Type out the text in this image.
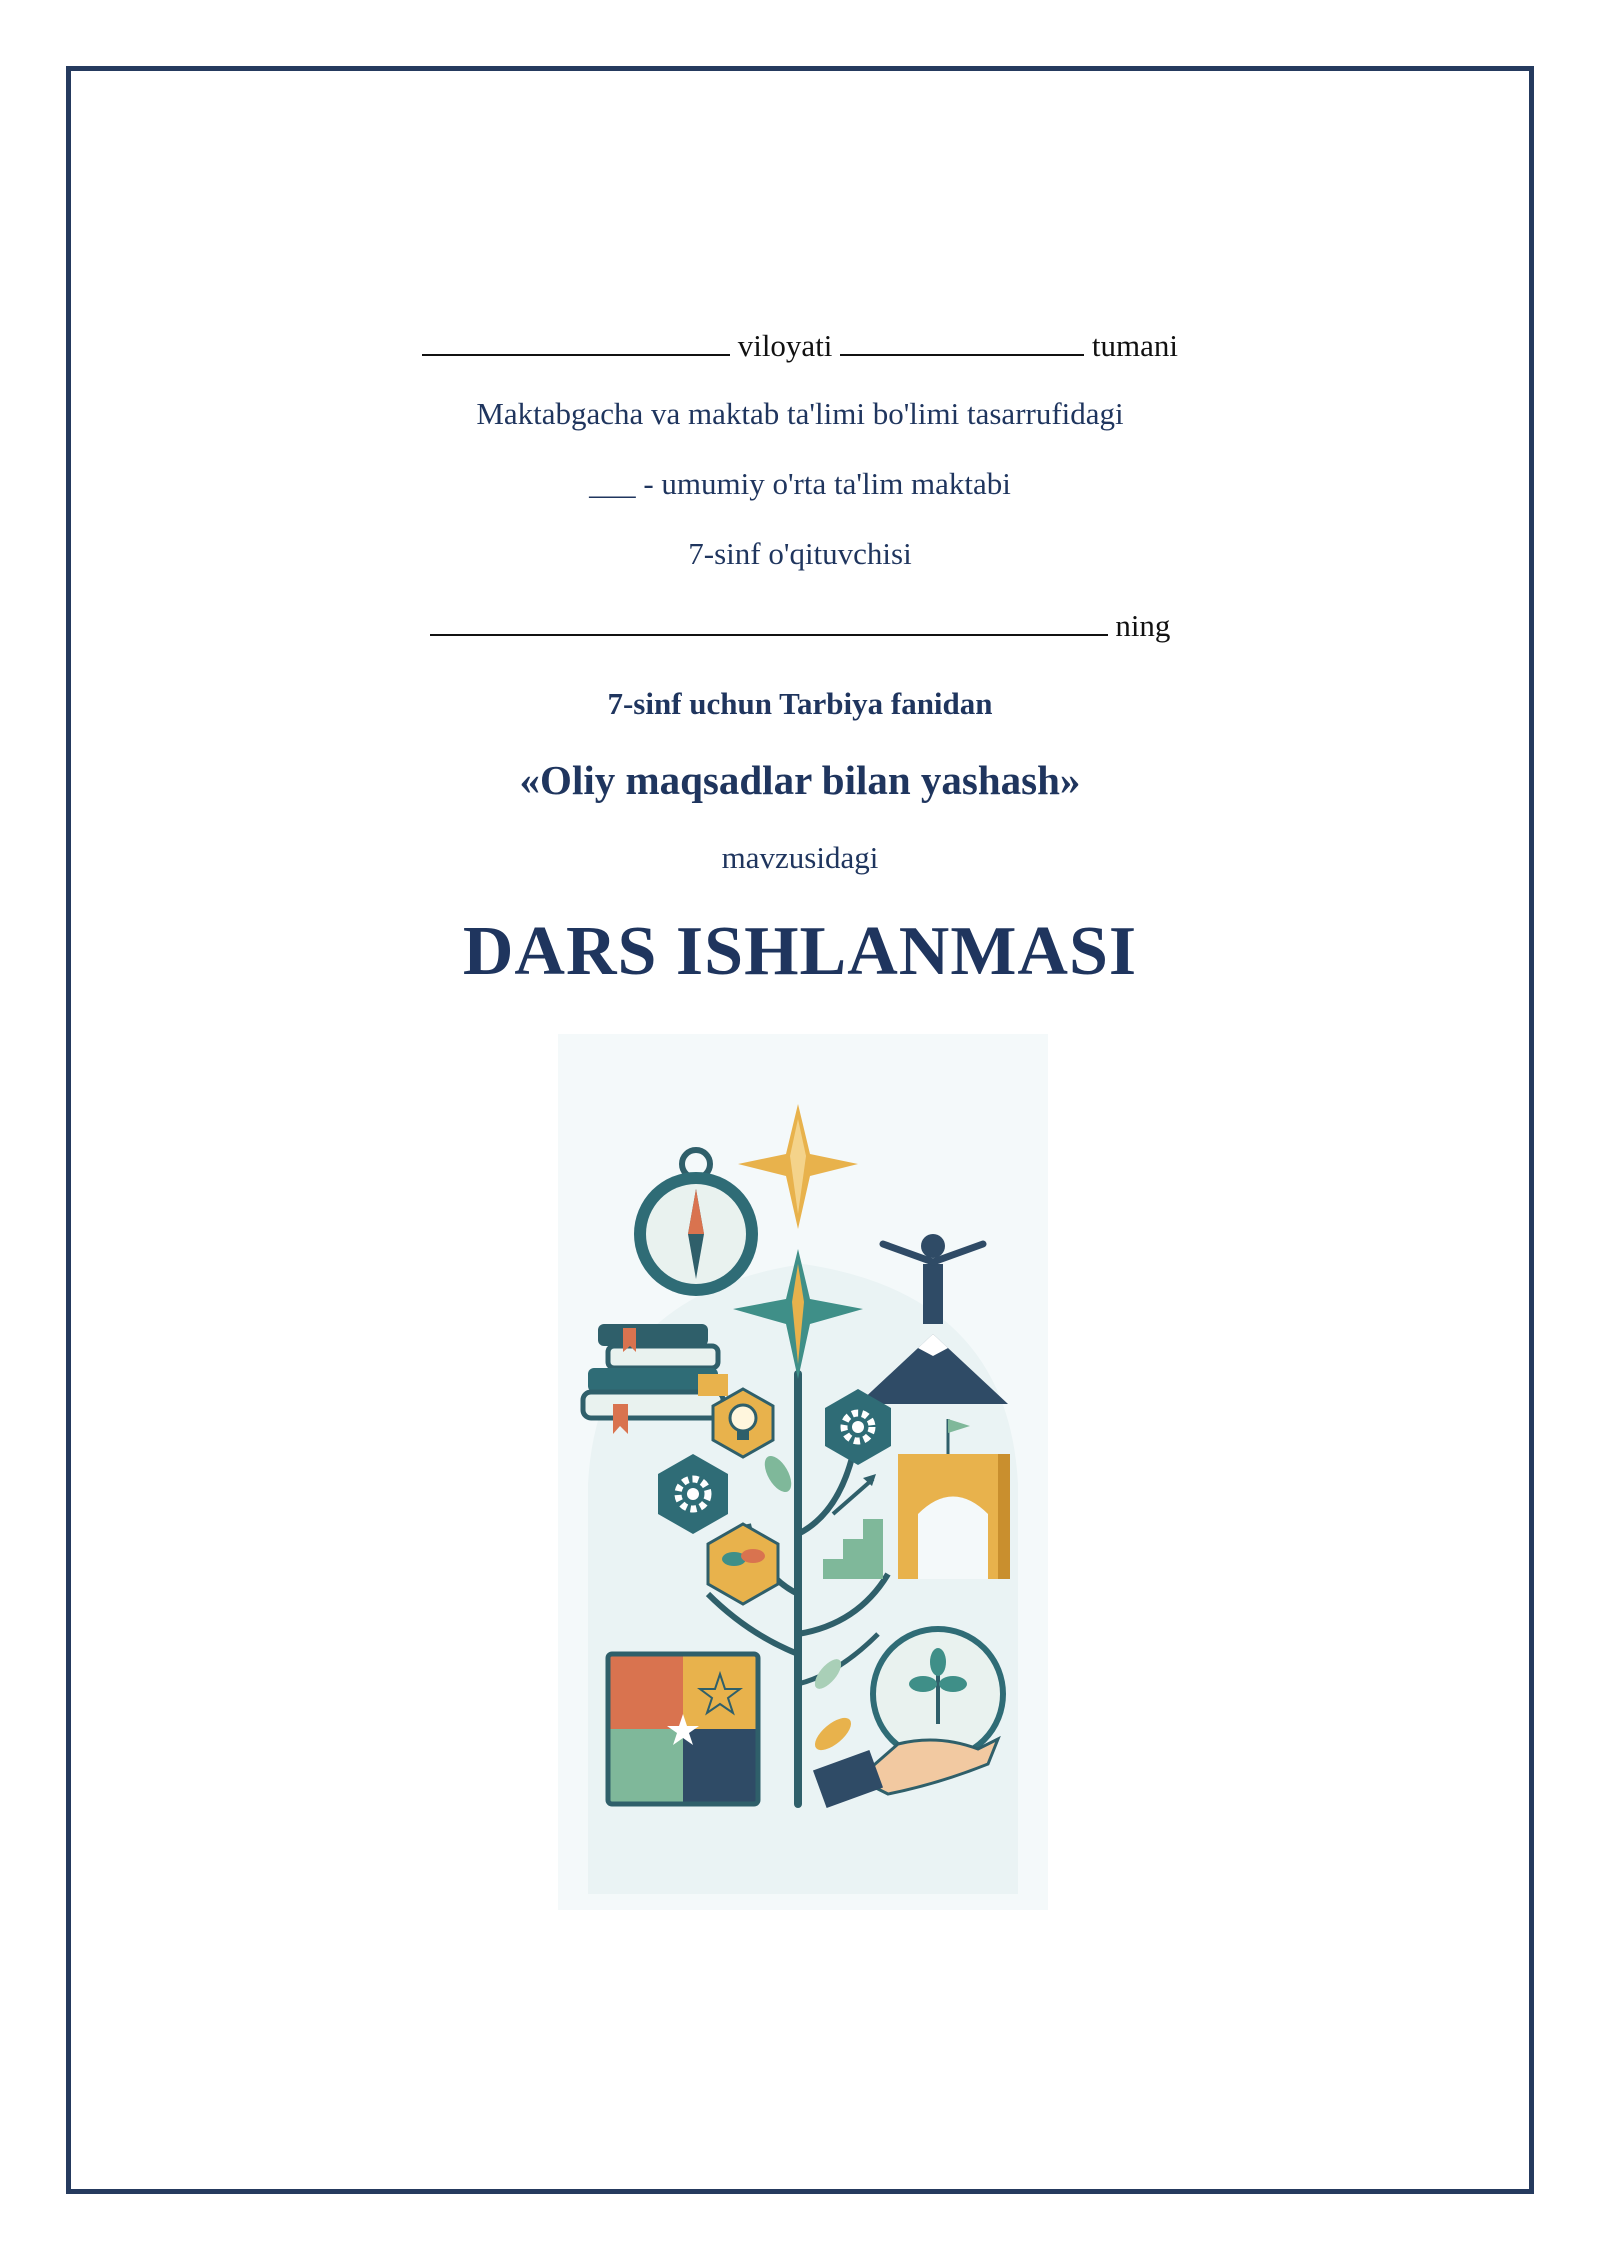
viloyati	tumani
Maktabgacha va maktab ta'limi bo'limi tasarrufidagi
___ - umumiy o'rta ta'lim maktabi
7-sinf o'qituvchisi
ning
7-sinf uchun Tarbiya fanidan
«Oliy maqsadlar bilan yashash»
mavzusidagi
DARS ISHLANMASI
